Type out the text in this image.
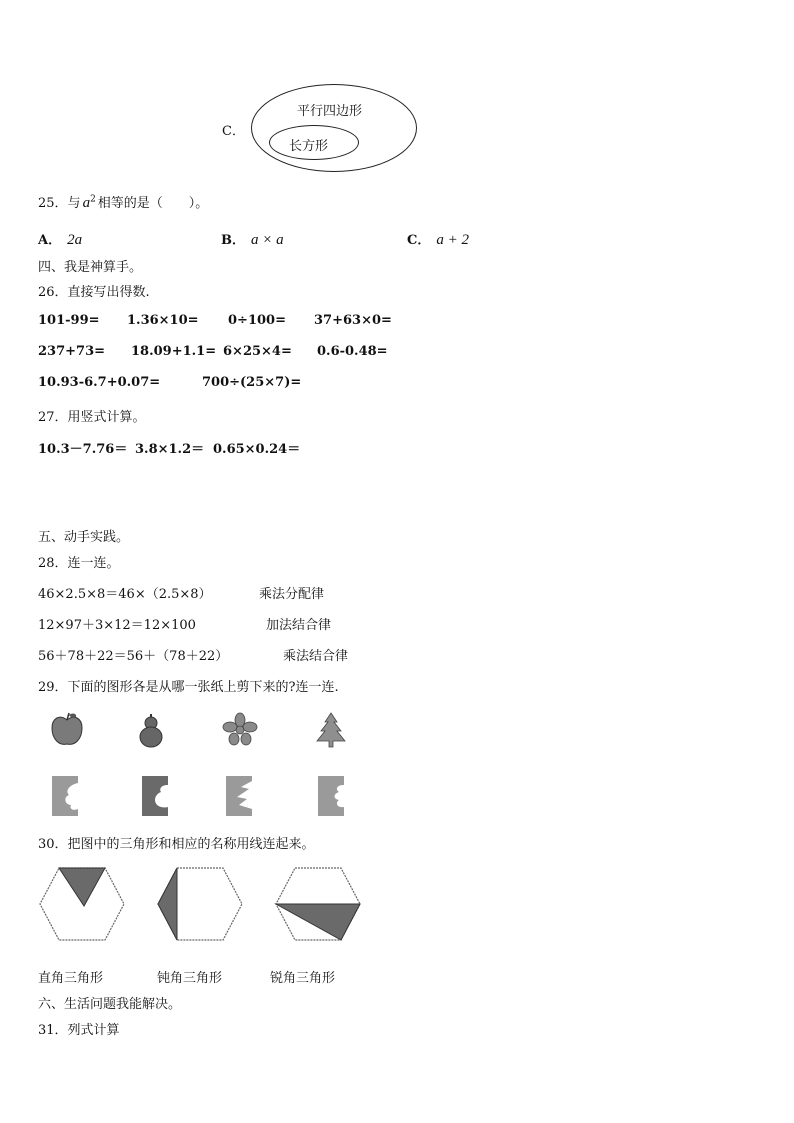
C．
平行四边形
长方形
25．与 $a^2$ 相等的是（　　）。
A． 2a	B． a × a	C． a + 2
四、我是神算手。
26．直接写出得数.
101-99= 1.36×10= 0÷100= 37+63×0=
237+73= 18.09+1.1= 6×25×4= 0.6-0.48=
10.93-6.7+0.07=	700÷(25×7)=
27．用竖式计算。
10.3－7.76＝ 3.8×1.2＝ 0.65×0.24＝
五、动手实践。
28．连一连。
46×2.5×8＝46×（2.5×8）
12×97＋3×12＝12×100
56＋78＋22＝56＋（78＋22）
乘法分配律
加法结合律
乘法结合律
29．下面的图形各是从哪一张纸上剪下来的?连一连.
30．把图中的三角形和相应的名称用线连起来。
直角三角形	钝角三角形	锐角三角形
六、生活问题我能解决。
31．列式计算
